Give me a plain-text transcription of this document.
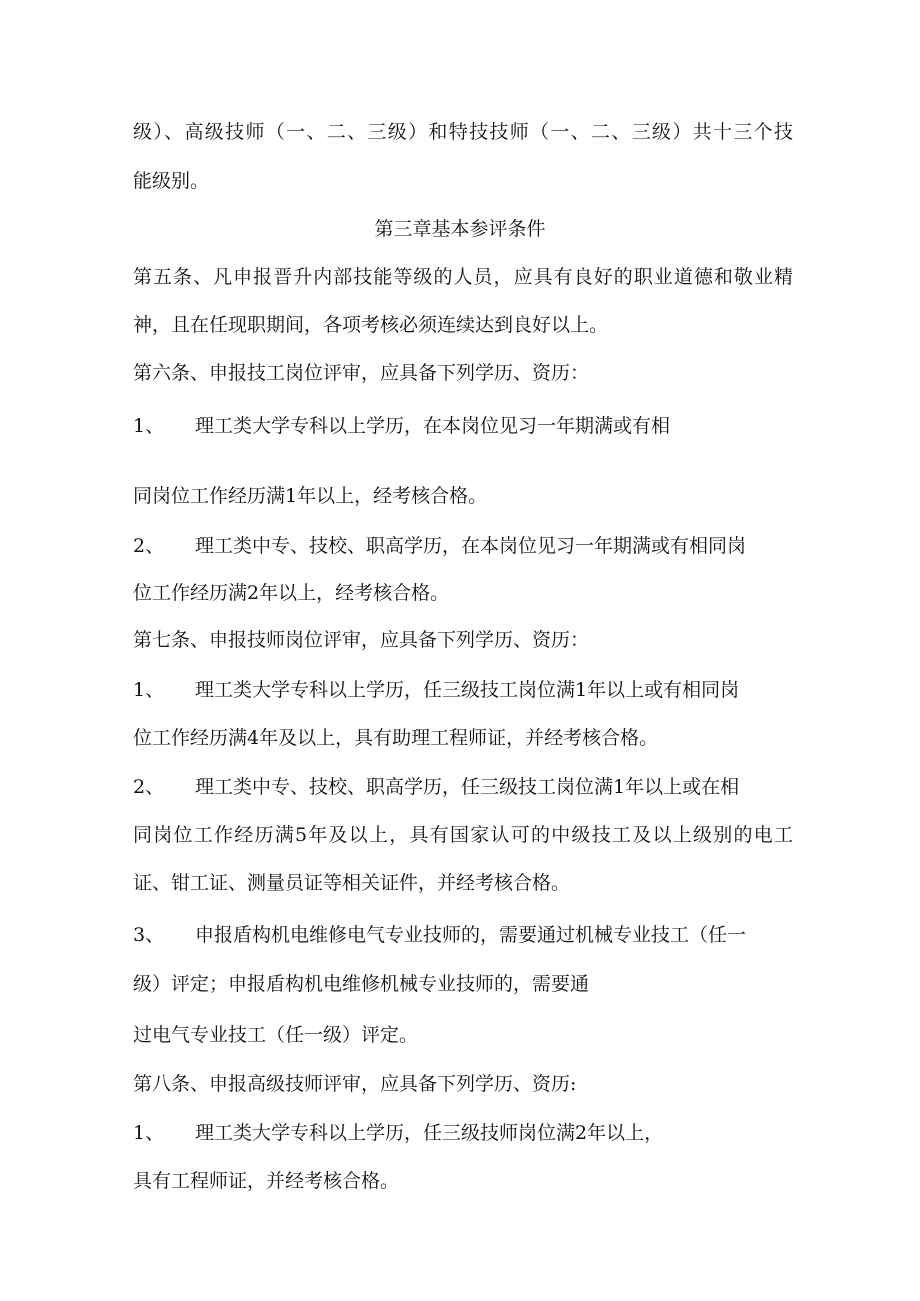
级）、高级技师（一、二、三级）和特技技师（一、二、三级）共十三个技
能级别。
第三章基本参评条件
第五条、凡申报晋升内部技能等级的人员，应具有良好的职业道德和敬业精
神，且在任现职期间，各项考核必须连续达到良好以上。
第六条、申报技工岗位评审，应具备下列学历、资历：
1、 理工类大学专科以上学历，在本岗位见习一年期满或有相
同岗位工作经历满1年以上，经考核合格。
2、 理工类中专、技校、职高学历，在本岗位见习一年期满或有相同岗
位工作经历满2年以上，经考核合格。
第七条、申报技师岗位评审，应具备下列学历、资历：
1、 理工类大学专科以上学历，任三级技工岗位满1年以上或有相同岗
位工作经历满4年及以上，具有助理工程师证，并经考核合格。
2、 理工类中专、技校、职高学历，任三级技工岗位满1年以上或在相
同岗位工作经历满5年及以上，具有国家认可的中级技工及以上级别的电工
证、钳工证、测量员证等相关证件，并经考核合格。
3、 申报盾构机电维修电气专业技师的，需要通过机械专业技工（任一
级）评定；申报盾构机电维修机械专业技师的，需要通
过电气专业技工（任一级）评定。
第八条、申报高级技师评审，应具备下列学历、资历:
1、 理工类大学专科以上学历，任三级技师岗位满2年以上，
具有工程师证，并经考核合格。
